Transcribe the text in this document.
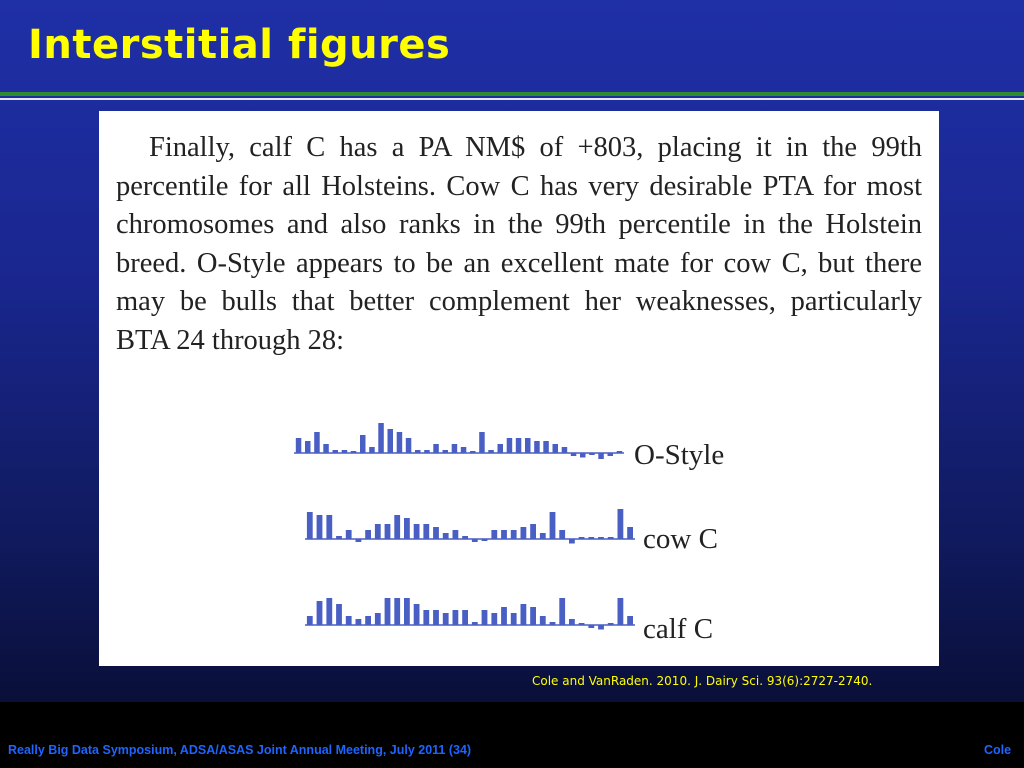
Interstitial figures

Finally, calf C has a PA NM$ of +803, placing it in the 99th percentile for all Holsteins. Cow C has very desirable PTA for most chromosomes and also ranks in the 99th percentile in the Holstein breed. O-Style appears to be an excellent mate for cow C, but there may be bulls that better complement her weaknesses, particularly BTA 24 through 28:

O-Style
cow C
calf C

Cole and VanRaden. 2010. J. Dairy Sci. 93(6):2727-2740.

Really Big Data Symposium, ADSA/ASAS Joint Annual Meeting, July 2011 (34)	Cole
